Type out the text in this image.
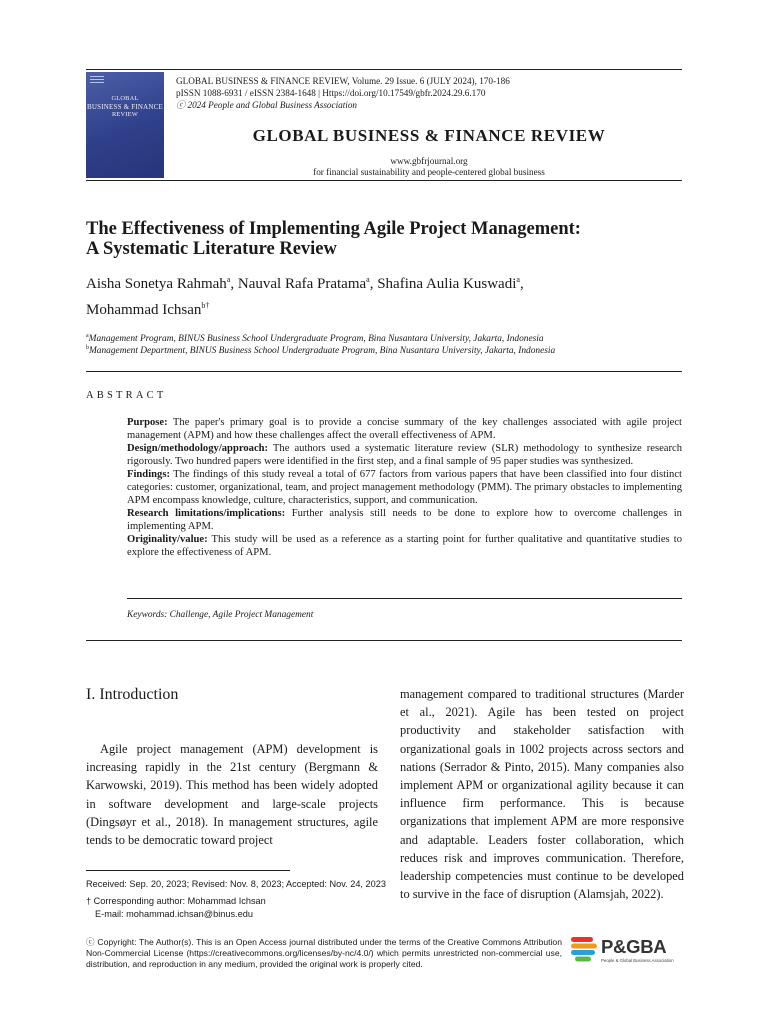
GLOBAL
BUSINESS & FINANCE
REVIEW
GLOBAL BUSINESS & FINANCE REVIEW, Volume. 29 Issue. 6 (JULY 2024), 170-186
pISSN 1088-6931 / eISSN 2384-1648 | Https://doi.org/10.17549/gbfr.2024.29.6.170
ⓒ 2024 People and Global Business Association
GLOBAL BUSINESS & FINANCE REVIEW
www.gbfrjournal.org
for financial sustainability and people-centered global business
The Effectiveness of Implementing Agile Project Management:
A Systematic Literature Review
Aisha Sonetya Rahmah$^a$, Nauval Rafa Pratama$^a$, Shafina Aulia Kuswadi$^a$,
Mohammad Ichsan$^{b\dagger}$
$^a$Management Program, BINUS Business School Undergraduate Program, Bina Nusantara University, Jakarta, Indonesia
$^b$Management Department, BINUS Business School Undergraduate Program, Bina Nusantara University, Jakarta, Indonesia
ABSTRACT

Purpose: The paper's primary goal is to provide a concise summary of the key challenges associated with agile project management (APM) and how these challenges affect the overall effectiveness of APM.

Design/methodology/approach: The authors used a systematic literature review (SLR) methodology to synthesize research rigorously. Two hundred papers were identified in the first step, and a final sample of 95 paper studies was synthesized.

Findings: The findings of this study reveal a total of 677 factors from various papers that have been classified into four distinct categories: customer, organizational, team, and project management methodology (PMM). The primary obstacles to implementing APM encompass knowledge, culture, characteristics, support, and communication.

Research limitations/implications: Further analysis still needs to be done to explore how to overcome challenges in implementing APM.

Originality/value: This study will be used as a reference as a starting point for further qualitative and quantitative studies to explore the effectiveness of APM.

Keywords: Challenge, Agile Project Management
I. Introduction

Agile project management (APM) development is increasing rapidly in the 21st century (Bergmann & Karwowski, 2019). This method has been widely adopted in software development and large-scale projects (Dingsøyr et al., 2018). In management structures, agile tends to be democratic toward project

management compared to traditional structures (Marder et al., 2021). Agile has been tested on project productivity and stakeholder satisfaction with organizational goals in 1002 projects across sectors and nations (Serrador & Pinto, 2015). Many companies also implement APM or organizational agility because it can influence firm performance. This is because organizations that implement APM are more responsive and adaptable. Leaders foster collaboration, which reduces risk and improves communication. Therefore, leadership competencies must continue to be developed to survive in the face of disruption (Alamsjah, 2022).

Received: Sep. 20, 2023; Revised: Nov. 8, 2023; Accepted: Nov. 24, 2023
† Corresponding author: Mohammad Ichsan
E-mail: mohammad.ichsan@binus.edu
ⓒ Copyright: The Author(s). This is an Open Access journal distributed under the terms of the Creative Commons Attribution Non-Commercial License (https://creativecommons.org/licenses/by-nc/4.0/) which permits unrestricted non-commercial use, distribution, and reproduction in any medium, provided the original work is properly cited.
P&GBA
People & Global Business Association
